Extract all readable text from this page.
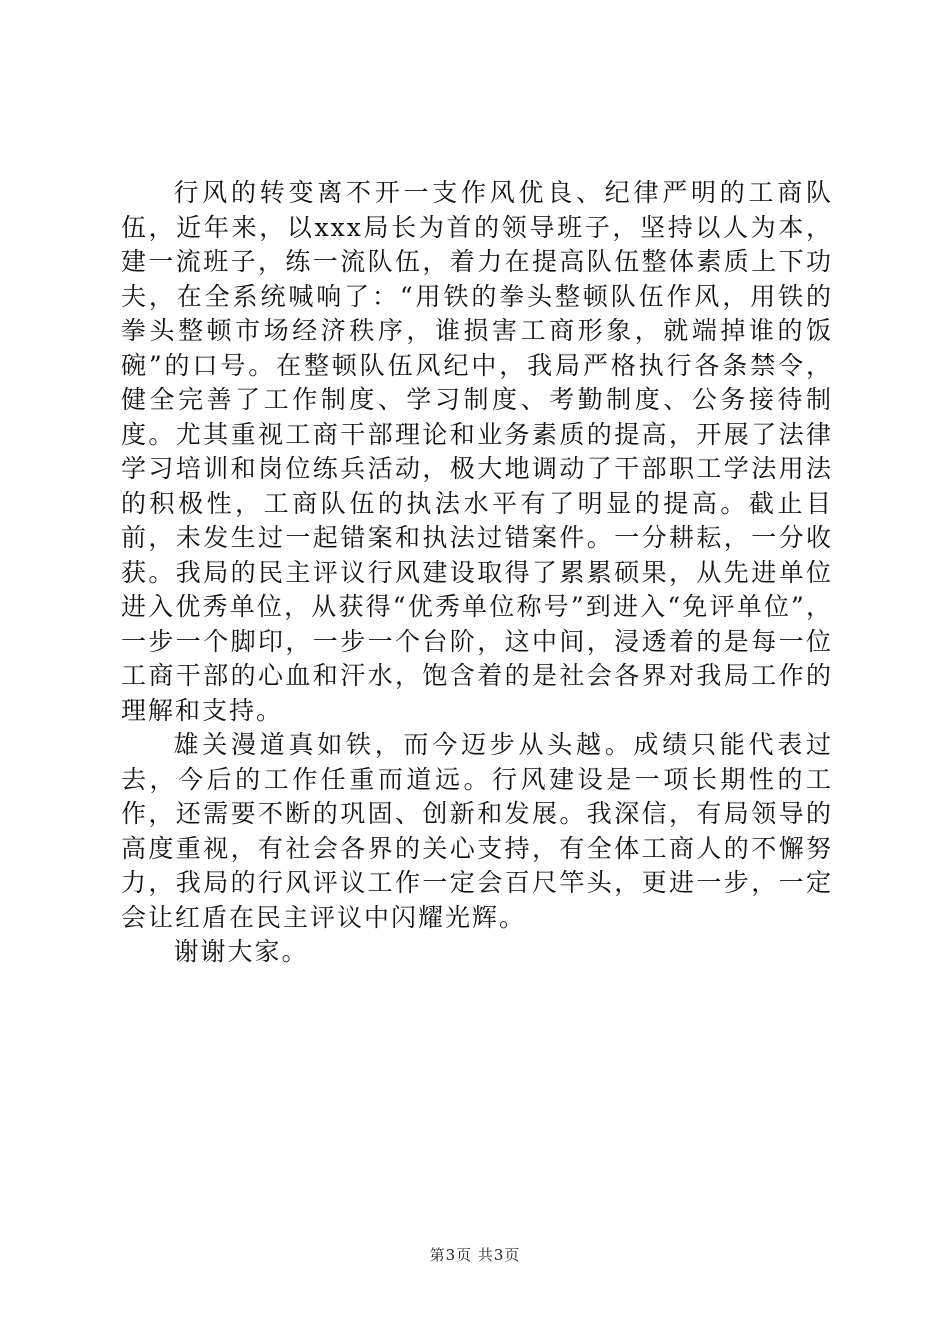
行风的转变离不开一支作风优良、纪律严明的工商队伍，近年来，以xxx局长为首的领导班子，坚持以人为本，建一流班子，练一流队伍，着力在提高队伍整体素质上下功夫，在全系统喊响了：“用铁的拳头整顿队伍作风，用铁的拳头整顿市场经济秩序，谁损害工商形象，就端掉谁的饭碗”的口号。在整顿队伍风纪中，我局严格执行各条禁令，健全完善了工作制度、学习制度、考勤制度、公务接待制度。尤其重视工商干部理论和业务素质的提高，开展了法律学习培训和岗位练兵活动，极大地调动了干部职工学法用法的积极性，工商队伍的执法水平有了明显的提高。截止目前，未发生过一起错案和执法过错案件。一分耕耘，一分收获。我局的民主评议行风建设取得了累累硕果，从先进单位进入优秀单位，从获得“优秀单位称号”到进入“免评单位”，一步一个脚印，一步一个台阶，这中间，浸透着的是每一位工商干部的心血和汗水，饱含着的是社会各界对我局工作的理解和支持。

雄关漫道真如铁，而今迈步从头越。成绩只能代表过去，今后的工作任重而道远。行风建设是一项长期性的工作，还需要不断的巩固、创新和发展。我深信，有局领导的高度重视，有社会各界的关心支持，有全体工商人的不懈努力，我局的行风评议工作一定会百尺竿头，更进一步，一定会让红盾在民主评议中闪耀光辉。

谢谢大家。

第3页 共3页
